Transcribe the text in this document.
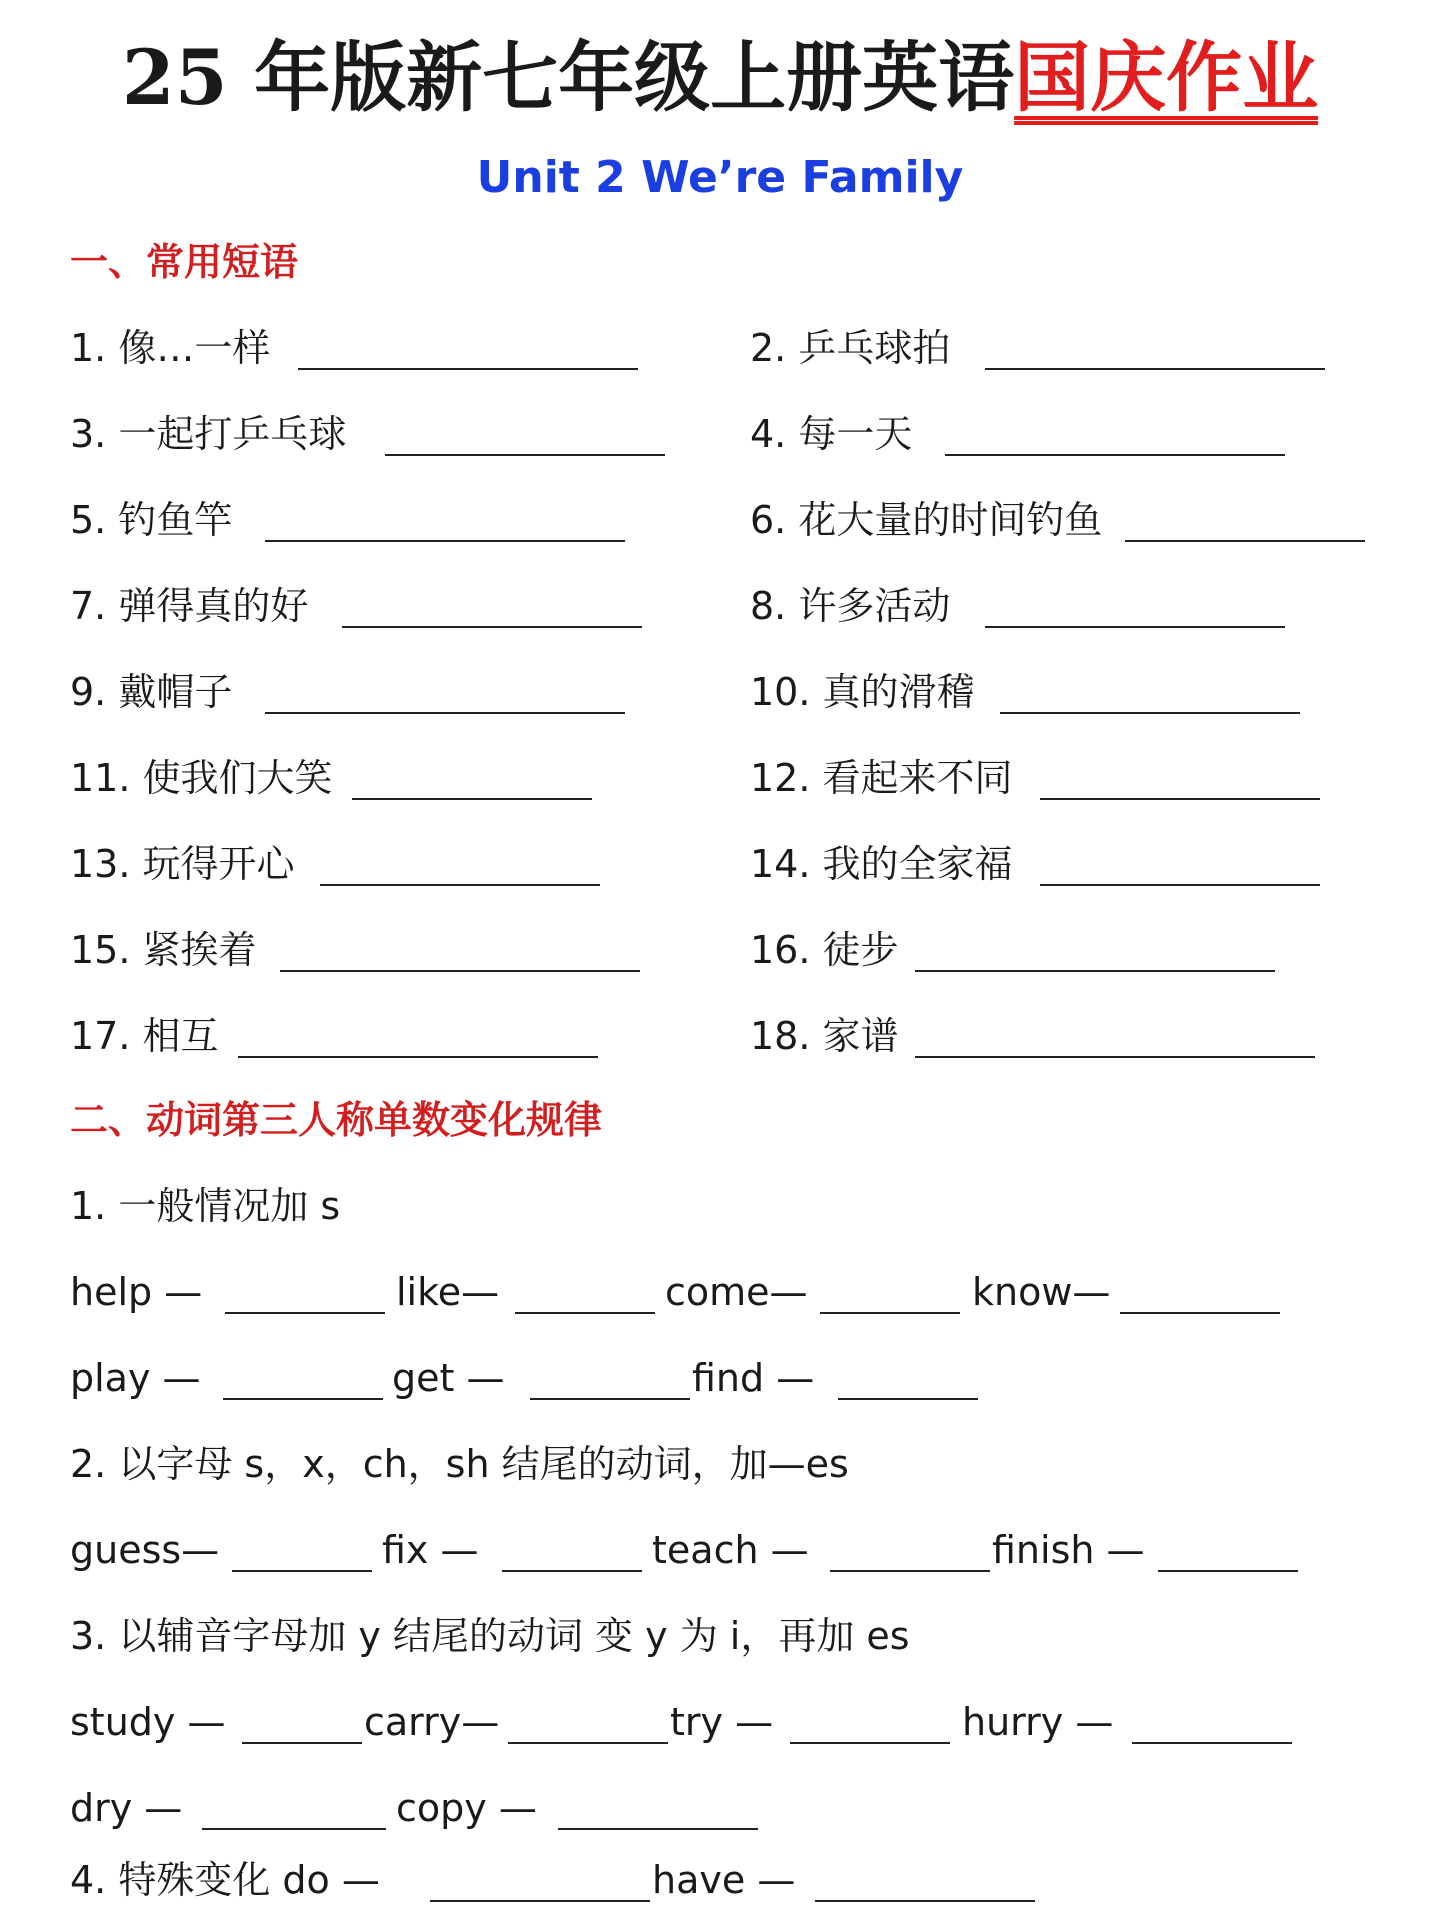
25 年版新七年级上册英语国庆作业
Unit 2 We’re Family
一、常用短语
1. 像…一样	2. 乒乓球拍
3. 一起打乒乓球	4. 每一天
5. 钓鱼竿	6. 花大量的时间钓鱼
7. 弹得真的好	8. 许多活动
9. 戴帽子	10. 真的滑稽
11. 使我们大笑	12. 看起来不同
13. 玩得开心	14. 我的全家福
15. 紧挨着	16. 徒步
17. 相互	18. 家谱
二、动词第三人称单数变化规律
1. 一般情况加 s
help —	like—	come—	know—
play —	get —	find —
2. 以字母 s，x，ch，sh 结尾的动词，加—es
guess—	fix —	teach —	finish —
3. 以辅音字母加 y 结尾的动词 变 y 为 i，再加 es
study —	carry—	try —	hurry —
dry —	copy —
4. 特殊变化 do —	have —
